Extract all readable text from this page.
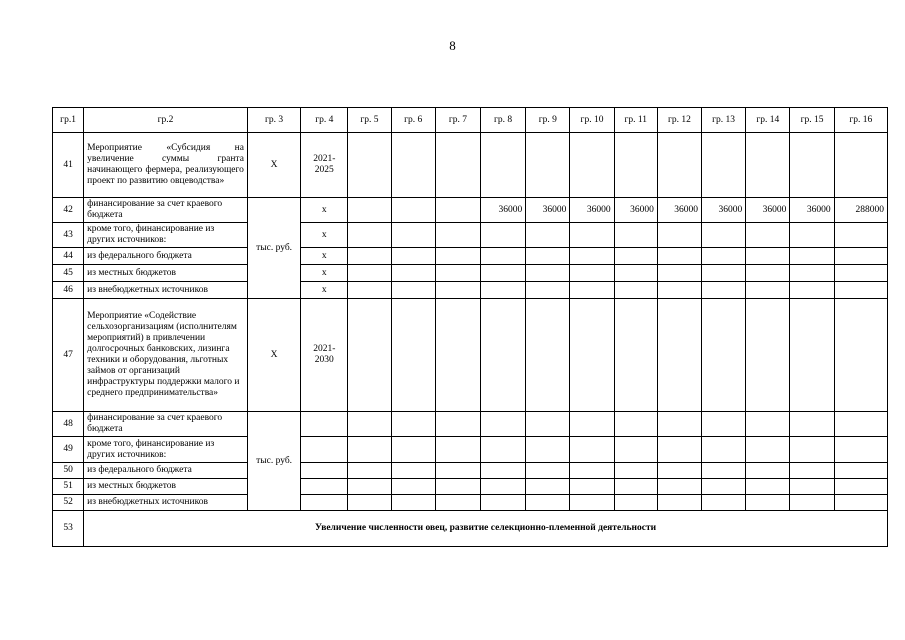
8
гр.1	гр.2	гр. 3	гр. 4	гр. 5	гр. 6	гр. 7	гр. 8	гр. 9	гр. 10	гр. 11	гр. 12	гр. 13	гр. 14	гр. 15	гр. 16
41	Мероприятие «Субсидия на увеличение суммы гранта начинающего фермера, реализующего проект по развитию овцеводства»	Х	2021-2025												
42	финансирование за счет краевого бюджета	тыс. руб.	х				36000	36000	36000	36000	36000	36000	36000	36000	288000
43	кроме того, финансирование из других источников:		х												
44	из федерального бюджета		х												
45	из местных бюджетов		х												
46	из внебюджетных источников		х												
47	Мероприятие «Содействие сельхозорганизациям (исполнителям мероприятий) в привлечении долгосрочных банковских, лизинга техники и оборудования, льготных займов от организаций инфраструктуры поддержки малого и среднего предпринимательства»	Х	2021-2030												
48	финансирование за счет краевого бюджета	тыс. руб.													
49	кроме того, финансирование из других источников:														
50	из федерального бюджета														
51	из местных бюджетов														
52	из внебюджетных источников														
53	Увеличение численности овец, развитие селекционно-племенной деятельности														
